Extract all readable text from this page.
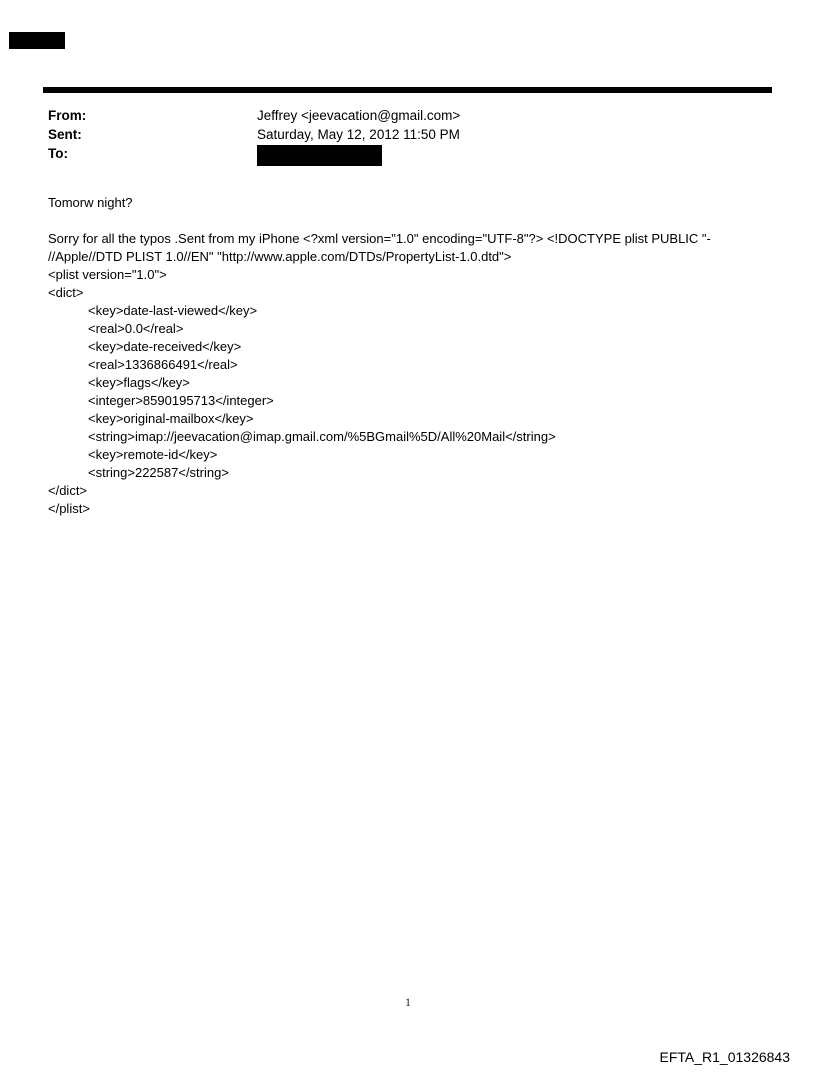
From:	Jeffrey <jeevacation@gmail.com>
Sent:	Saturday, May 12, 2012 11:50 PM
To:
Tomorw night?
Sorry for all the typos .Sent from my iPhone <?xml version="1.0" encoding="UTF-8"?> <!DOCTYPE plist PUBLIC "-
//Apple//DTD PLIST 1.0//EN" "http://www.apple.com/DTDs/PropertyList-1.0.dtd">
<plist version="1.0">
<dict>
<key>date-last-viewed</key>
<real>0.0</real>
<key>date-received</key>
<real>1336866491</real>
<key>flags</key>
<integer>8590195713</integer>
<key>original-mailbox</key>
<string>imap://jeevacation@imap.gmail.com/%5BGmail%5D/All%20Mail</string>
<key>remote-id</key>
<string>222587</string>
</dict>
</plist>
1
EFTA_R1_01326843
